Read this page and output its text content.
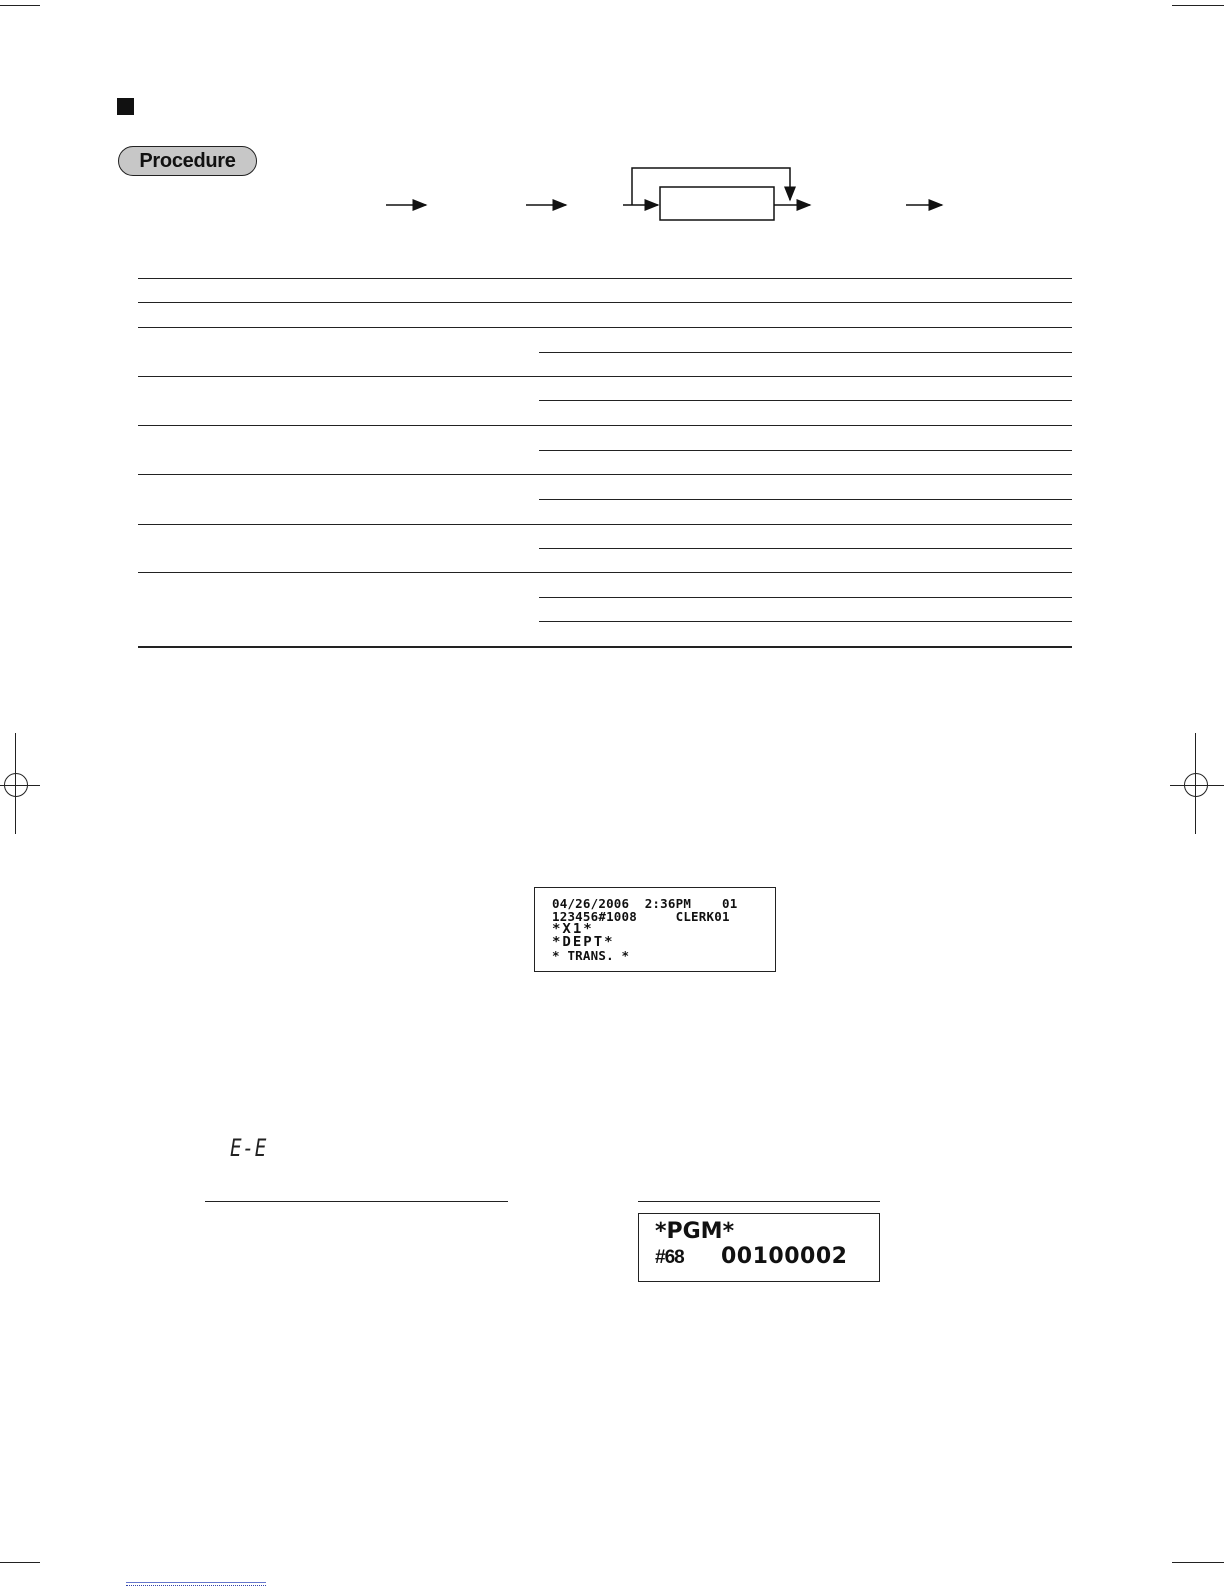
Procedure
04/26/2006  2:36PM    01
123456#1008     CLERK01
*X1*
*DEPT*
* TRANS. *
E-E
*PGM*
#68	00100002
